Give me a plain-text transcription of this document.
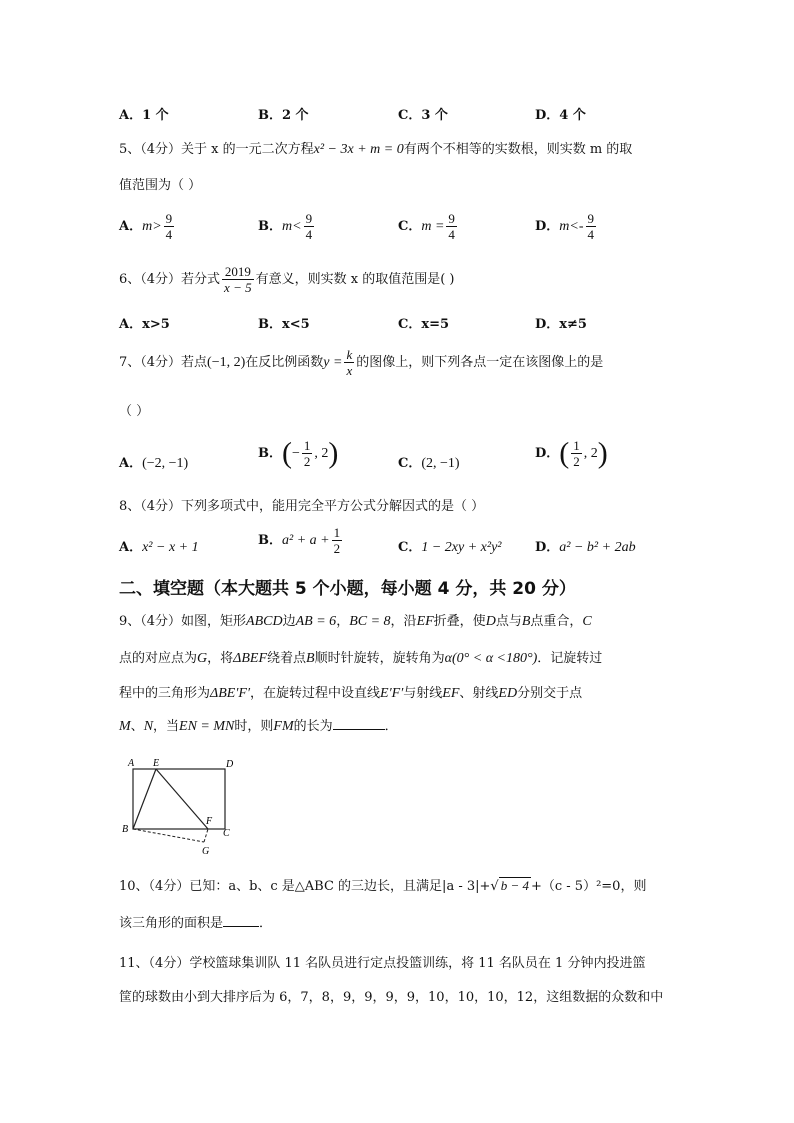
A．1 个	B．2 个	C．3 个	D．4 个
5、（4分）关于 x 的一元二次方程x² − 3x + m = 0有两个不相等的实数根，则实数 m 的取
值范围为（ ）
A．$m> \frac{9}{4}$	B．$m< \frac{9}{4}$	C．$m = \frac{9}{4}$	D．$m<- \frac{9}{4}$
6、（4分）若分式 $\frac{2019}{x - 5}$ 有意义，则实数 x 的取值范围是( )
A．x>5	B．x<5	C．x=5	D．x≠5
7、（4分）若点(−1, 2)在反比例函数$y = \frac{k}{x}$ 的图像上，则下列各点一定在该图像上的是
（ ）
A．(−2, −1)
B．(− $\frac{1}{2}$ , 2)	C．(2, −1)
D．( $\frac{1}{2}$ , 2)
8、（4分）下列多项式中，能用完全平方公式分解因式的是（ ）
A．x² − x + 1	B．$a^2 + a + \frac{1}{2}$	C．1 − 2xy + x²y²	D．a² − b² + 2ab
二、填空题（本大题共 5 个小题，每小题 4 分，共 20 分）
9、（4分）如图，矩形ABCD边AB = 6，BC = 8，沿EF折叠，使D点与B点重合，C
点的对应点为G，将ΔBEF绕着点B顺时针旋转，旋转角为α(0° < α <180°)．记旋转过
程中的三角形为ΔBE′F′，在旋转过程中设直线E′F′与射线EF、射线ED分别交于点
M、N，当EN = MN时，则FM的长为	．
A E	D
B
F
C
G
10、（4分）已知：a、b、c 是△ABC 的三边长，且满足|a - 3|+√ b − 4 +（c - 5）²=0，则
该三角形的面积是	．
11、（4分）学校篮球集训队 11 名队员进行定点投篮训练，将 11 名队员在 1 分钟内投进篮
筐的球数由小到大排序后为 6，7，8，9，9，9，9，10，10，10，12，这组数据的众数和中
